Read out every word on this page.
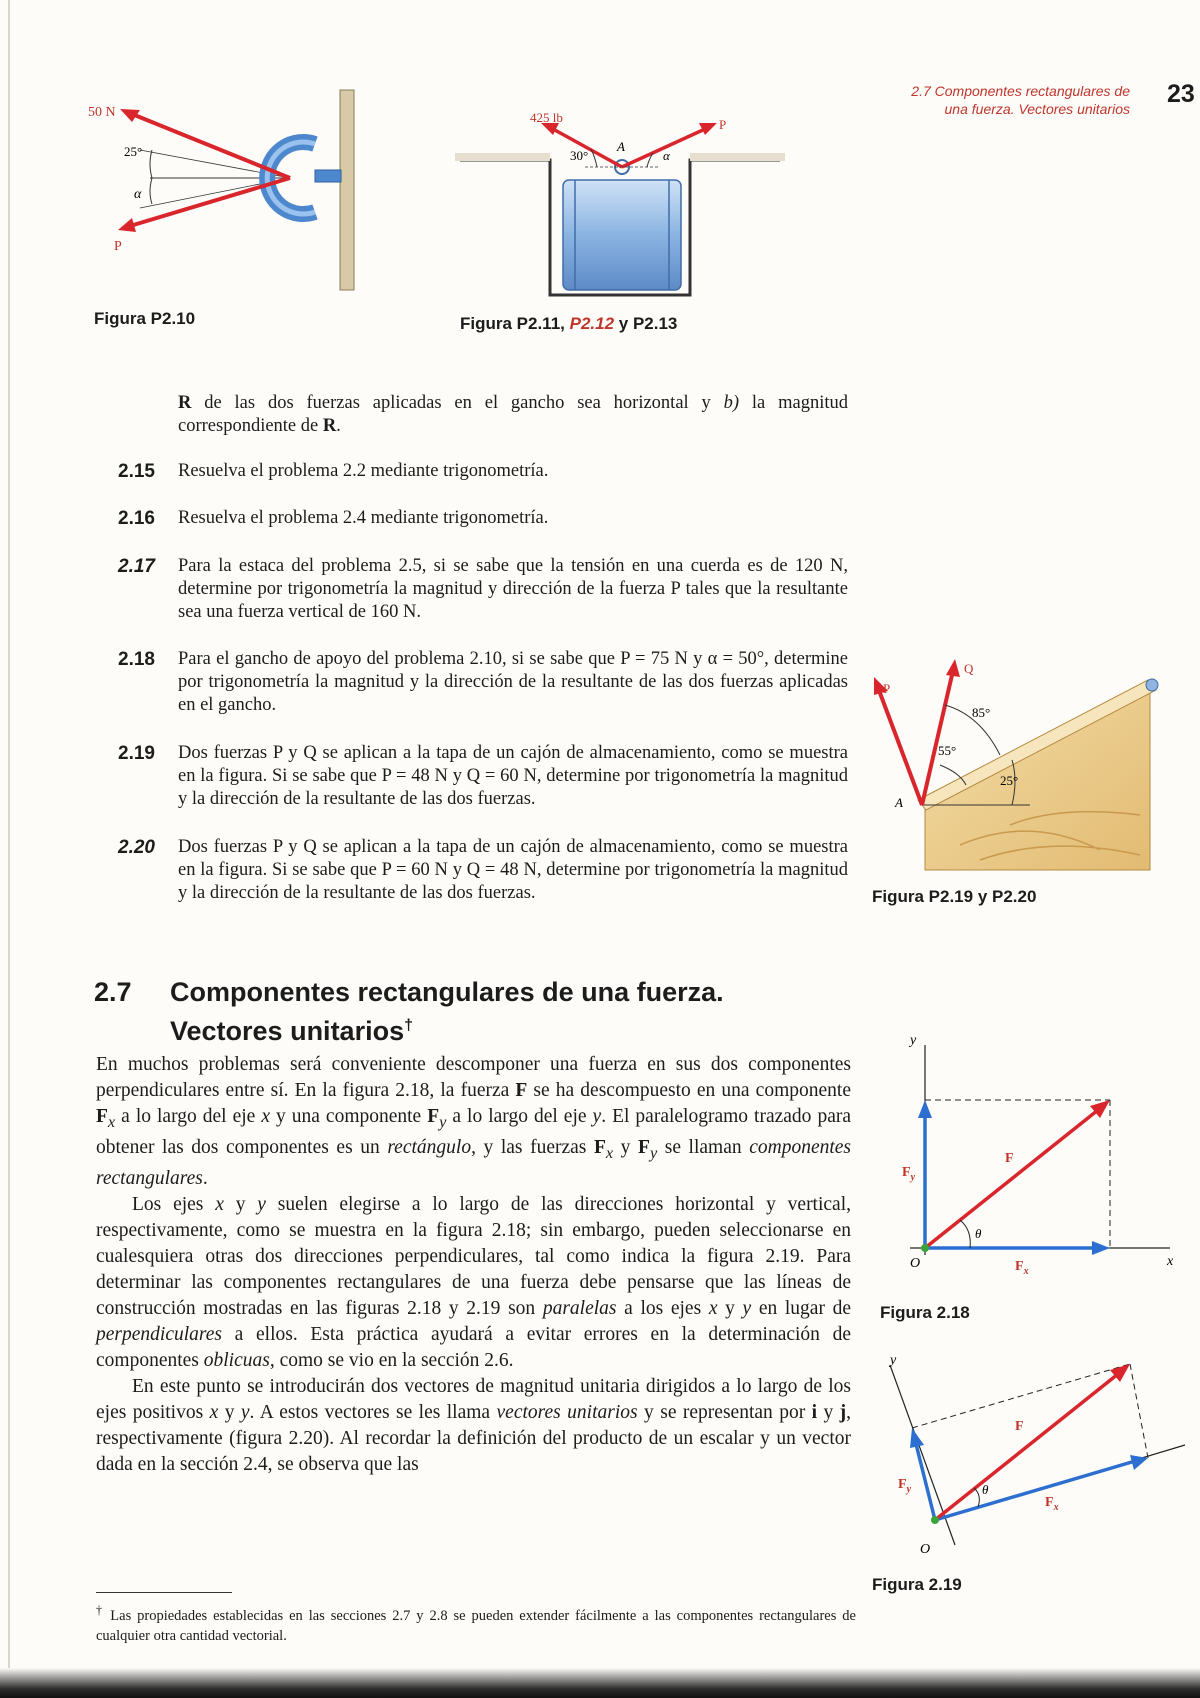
2.7 Componentes rectangulares de
una fuerza. Vectores unitarios
23
50 N
25°
α
P
Figura P2.10
425 lb
30°
A
P
α
Figura P2.11, P2.12 y P2.13
R de las dos fuerzas aplicadas en el gancho sea horizontal y b) la magnitud correspondiente de R.
2.15 Resuelva el problema 2.2 mediante trigonometría.
2.16 Resuelva el problema 2.4 mediante trigonometría.
2.17 Para la estaca del problema 2.5, si se sabe que la tensión en una cuerda es de 120 N, determine por trigonometría la magnitud y dirección de la fuerza P tales que la resultante sea una fuerza vertical de 160 N.
2.18 Para el gancho de apoyo del problema 2.10, si se sabe que P = 75 N y α = 50°, determine por trigonometría la magnitud y la dirección de la resultante de las dos fuerzas aplicadas en el gancho.
2.19 Dos fuerzas P y Q se aplican a la tapa de un cajón de almacenamiento, como se muestra en la figura. Si se sabe que P = 48 N y Q = 60 N, determine por trigonometría la magnitud y la dirección de la resultante de las dos fuerzas.
2.20 Dos fuerzas P y Q se aplican a la tapa de un cajón de almacenamiento, como se muestra en la figura. Si se sabe que P = 60 N y Q = 48 N, determine por trigonometría la magnitud y la dirección de la resultante de las dos fuerzas.
P
Q
85°
55°
25°
A
Figura P2.19 y P2.20
2.7 Componentes rectangulares de una fuerza.
Vectores unitarios†

En muchos problemas será conveniente descomponer una fuerza en sus dos componentes perpendiculares entre sí. En la figura 2.18, la fuerza F se ha descompuesto en una componente $F_x$ a lo largo del eje x y una componente $F_y$ a lo largo del eje y. El paralelogramo trazado para obtener las dos componentes es un rectángulo, y las fuerzas $F_x$ y $F_y$ se llaman componentes rectangulares.

Los ejes x y y suelen elegirse a lo largo de las direcciones horizontal y vertical, respectivamente, como se muestra en la figura 2.18; sin embargo, pueden seleccionarse en cualesquiera otras dos direcciones perpendiculares, tal como indica la figura 2.19. Para determinar las componentes rectangulares de una fuerza debe pensarse que las líneas de construcción mostradas en las figuras 2.18 y 2.19 son paralelas a los ejes x y y en lugar de perpendiculares a ellos. Esta práctica ayudará a evitar errores en la determinación de componentes oblicuas, como se vio en la sección 2.6.

En este punto se introducirán dos vectores de magnitud unitaria dirigidos a lo largo de los ejes positivos x y y. A estos vectores se les llama vectores unitarios y se representan por i y j, respectivamente (figura 2.20). Al recordar la definición del producto de un escalar y un vector dada en la sección 2.4, se observa que las

y
x
O
F
θ
$F_x$
$F_y$
Figura 2.18
y
O
F
θ
$F_x$
$F_y$
Figura 2.19
† Las propiedades establecidas en las secciones 2.7 y 2.8 se pueden extender fácilmente a las componentes rectangulares de cualquier otra cantidad vectorial.
